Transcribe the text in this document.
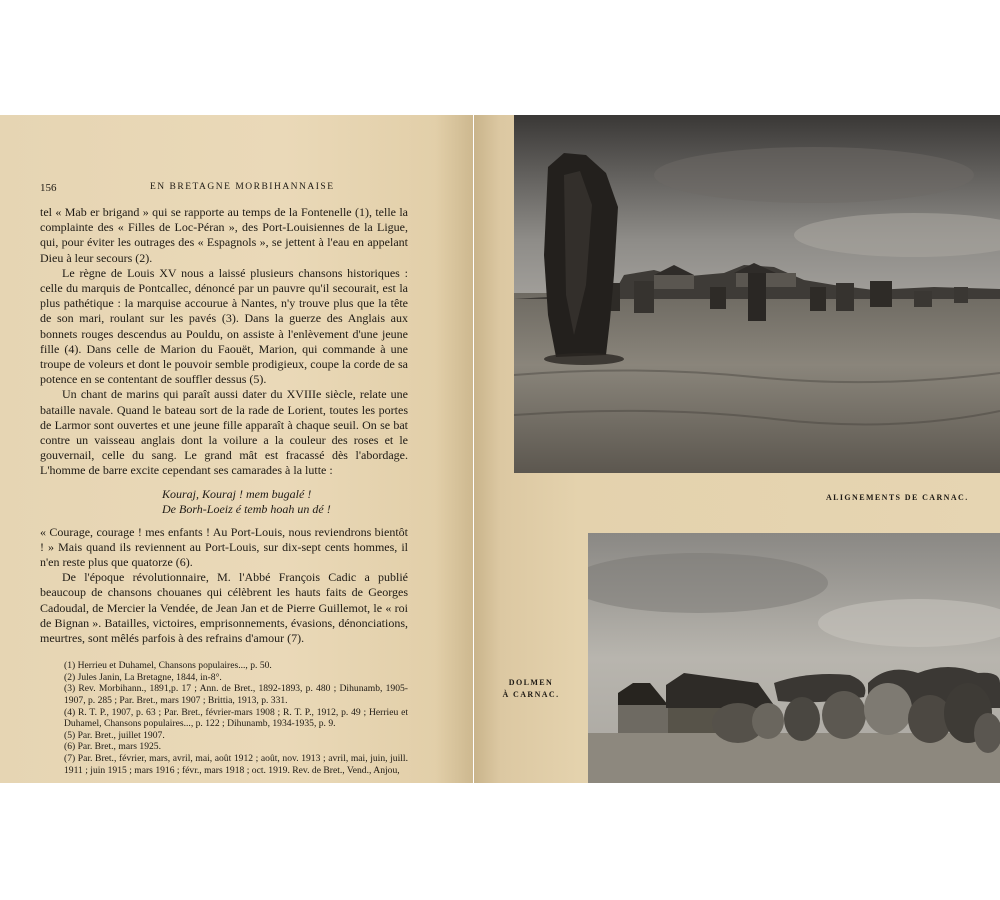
156	EN BRETAGNE MORBIHANNAISE

tel « Mab er brigand » qui se rapporte au temps de la Fontenelle (1), telle la complainte des « Filles de Loc-Péran », des Port-Louisiennes de la Ligue, qui, pour éviter les outrages des « Espagnols », se jettent à l'eau en appelant Dieu à leur secours (2).

Le règne de Louis XV nous a laissé plusieurs chansons historiques : celle du marquis de Pontcallec, dénoncé par un pauvre qu'il secourait, est la plus pathétique : la marquise accourue à Nantes, n'y trouve plus que la tête de son mari, roulant sur les pavés (3). Dans la guerze des Anglais aux bonnets rouges descendus au Pouldu, on assiste à l'enlèvement d'une jeune fille (4). Dans celle de Marion du Faouët, Marion, qui commande à une troupe de voleurs et dont le pouvoir semble prodigieux, coupe la corde de sa potence en se contentant de souffler dessus (5).

Un chant de marins qui paraît aussi dater du XVIIIe siècle, relate une bataille navale. Quand le bateau sort de la rade de Lorient, toutes les portes de Larmor sont ouvertes et une jeune fille apparaît à chaque seuil. On se bat contre un vaisseau anglais dont la voilure a la couleur des roses et le gouvernail, celle du sang. Le grand mât est fracassé dès l'abordage. L'homme de barre excite cependant ses camarades à la lutte :

Kouraj, Kouraj ! mem bugalé !
De Borh-Loeiz é temb hoah un dé !

« Courage, courage ! mes enfants ! Au Port-Louis, nous reviendrons bientôt ! » Mais quand ils reviennent au Port-Louis, sur dix-sept cents hommes, il n'en reste plus que quatorze (6).

De l'époque révolutionnaire, M. l'Abbé François Cadic a publié beaucoup de chansons chouanes qui célèbrent les hauts faits de Georges Cadoudal, de Mercier la Vendée, de Jean Jan et de Pierre Guillemot, le « roi de Bignan ». Batailles, victoires, emprisonnements, évasions, dénonciations, meurtres, sont mêlés parfois à des refrains d'amour (7).

(1) Herrieu et Duhamel, Chansons populaires..., p. 50.
(2) Jules Janin, La Bretagne, 1844, in-8°.
(3) Rev. Morbihann., 1891,p. 17 ; Ann. de Bret., 1892-1893, p. 480 ; Dihunamb, 1905-1907, p. 285 ; Par. Bret., mars 1907 ; Brittia, 1913, p. 331.
(4) R. T. P., 1907, p. 63 ; Par. Bret., février-mars 1908 ; R. T. P., 1912, p. 49 ; Herrieu et Duhamel, Chansons populaires..., p. 122 ; Dihunamb, 1934-1935, p. 9.
(5) Par. Bret., juillet 1907.
(6) Par. Bret., mars 1925.
(7) Par. Bret., février, mars, avril, mai, août 1912 ; août, nov. 1913 ; avril, mai, juin, juill. 1911 ; juin 1915 ; mars 1916 ; févr., mars 1918 ; oct. 1919. Rev. de Bret., Vend., Anjou,
ALIGNEMENTS DE CARNAC.
DOLMEN
À CARNAC.
